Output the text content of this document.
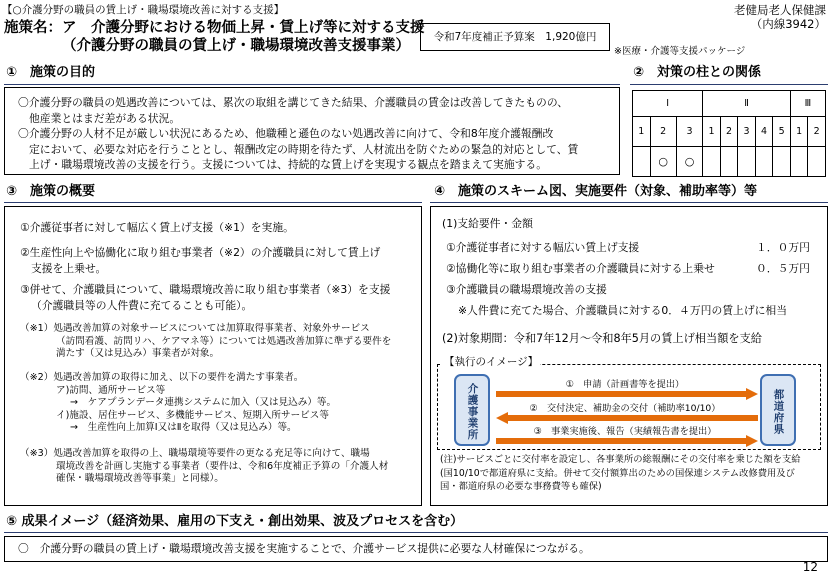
【○介護分野の職員の賃上げ・職場環境改善に対する支援】	老健局老人保健課
（内線3942）
施策名：ア　介護分野における物価上昇・賃上げ等に対する支援
（介護分野の職員の賃上げ・職場環境改善支援事業）
令和7年度補正予算案　1,920億円
※医療・介護等支援パッケージ
①　施策の目的
〇介護分野の職員の処遇改善については、累次の取組を講じてきた結果、介護職員の賃金は改善してきたものの、
他産業とはまだ差がある状況。
〇介護分野の人材不足が厳しい状況にあるため、他職種と遜色のない処遇改善に向けて、令和8年度介護報酬改
定において、必要な対応を行うこととし、報酬改定の時期を待たず、人材流出を防ぐための緊急的対応として、賃
上げ・職場環境改善の支援を行う。支援については、持続的な賃上げを実現する観点を踏まえて実施する。
②　対策の柱との関係
Ⅰ			Ⅱ					Ⅲ	
1	2	3	1	2	3	4	5	1	2
	○	○							
③　施策の概要
①介護従事者に対して幅広く賃上げ支援（※1）を実施。
②生産性向上や協働化に取り組む事業者（※2）の介護職員に対して賃上げ
支援を上乗せ。
③併せて、介護職員について、職場環境改善に取り組む事業者（※3）を支援
（介護職員等の人件費に充てることも可能）。
（※1）処遇改善加算の対象サービスについては加算取得事業者、対象外サービス
（訪問看護、訪問リハ、ケアマネ等）については処遇改善加算に準ずる要件を
満たす（又は見込み）事業者が対象。
（※2）処遇改善加算の取得に加え、以下の要件を満たす事業者。
ア)訪問、通所サービス等
→　ケアプランデータ連携システムに加入（又は見込み）等。
イ)施設、居住サービス、多機能サービス、短期入所サービス等
→　生産性向上加算Ⅰ又はⅡを取得（又は見込み）等。
（※3）処遇改善加算を取得の上、職場環境等要件の更なる充足等に向けて、職場
環境改善を計画し実施する事業者（要件は、令和6年度補正予算の「介護人材
確保・職場環境改善等事業」と同様）。
④　施策のスキーム図、実施要件（対象、補助率等）等
(1)支給要件・金額
①介護従事者に対する幅広い賃上げ支援	１．０万円
②協働化等に取り組む事業者の介護職員に対する上乗せ	０．５万円
③介護職員の職場環境改善の支援
※人件費に充てた場合、介護職員に対する0．４万円の賃上げに相当
(2)対象期間：令和7年12月～令和8年5月の賃上げ相当額を支給
【執行のイメージ】
介護事業所	都道府県
①　申請（計画書等を提出）
②　交付決定、補助金の交付（補助率10/10）
③　事業実施後、報告（実績報告書を提出）
(注)サービスごとに交付率を設定し、各事業所の総報酬にその交付率を乗じた額を支給
(国10/10で都道府県に支給。併せて交付額算出のための国保連システム改修費用及び
国・都道府県の必要な事務費等も確保)
⑤ 成果イメージ（経済効果、雇用の下支え・創出効果、波及プロセスを含む）
〇　介護分野の職員の賃上げ・職場環境改善支援を実施することで、介護サービス提供に必要な人材確保につながる。
12
